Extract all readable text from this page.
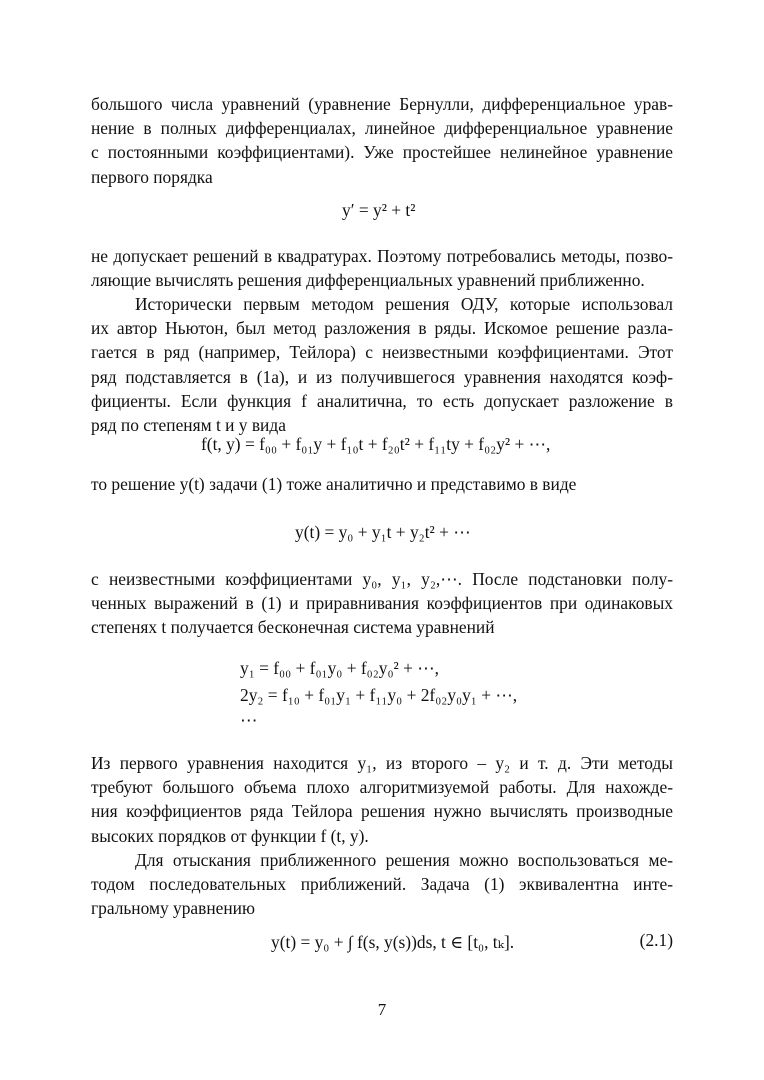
большого числа уравнений (уравнение Бернулли, дифференциальное урав-
нение в полных дифференциалах, линейное дифференциальное уравнение
с постоянными коэффициентами). Уже простейшее нелинейное уравнение
первого порядка
y′ = y² + t²
не допускает решений в квадратурах. Поэтому потребовались методы, позво-
ляющие вычислять решения дифференциальных уравнений приближенно.
Исторически первым методом решения ОДУ, которые использовал
их автор Ньютон, был метод разложения в ряды. Искомое решение разла-
гается в ряд (например, Тейлора) с неизвестными коэффициентами. Этот
ряд подставляется в (1а), и из получившегося уравнения находятся коэф-
фициенты. Если функция f аналитична, то есть допускает разложение в
ряд по степеням t и y вида
f(t, y) = f₀₀ + f₀₁y + f₁₀t + f₂₀t² + f₁₁ty + f₀₂y² + ⋯,
то решение y(t) задачи (1) тоже аналитично и представимо в виде
y(t) = y₀ + y₁t + y₂t² + ⋯
с неизвестными коэффициентами y₀, y₁, y₂,⋯. После подстановки полу-
ченных выражений в (1) и приравнивания коэффициентов при одинаковых
степенях t получается бесконечная система уравнений
y₁ = f₀₀ + f₀₁y₀ + f₀₂y₀² + ⋯,
2y₂ = f₁₀ + f₀₁y₁ + f₁₁y₀ + 2f₀₂y₀y₁ + ⋯,
⋯
Из первого уравнения находится y₁, из второго – y₂ и т. д. Эти методы
требуют большого объема плохо алгоритмизуемой работы. Для нахожде-
ния коэффициентов ряда Тейлора решения нужно вычислять производные
высоких порядков от функции f (t, y).
Для отыскания приближенного решения можно воспользоваться ме-
тодом последовательных приближений. Задача (1) эквивалентна инте-
гральному уравнению
y(t) = y₀ + ∫ f(s, y(s))ds, t ∈ [t₀, tₖ].	(2.1)
7
